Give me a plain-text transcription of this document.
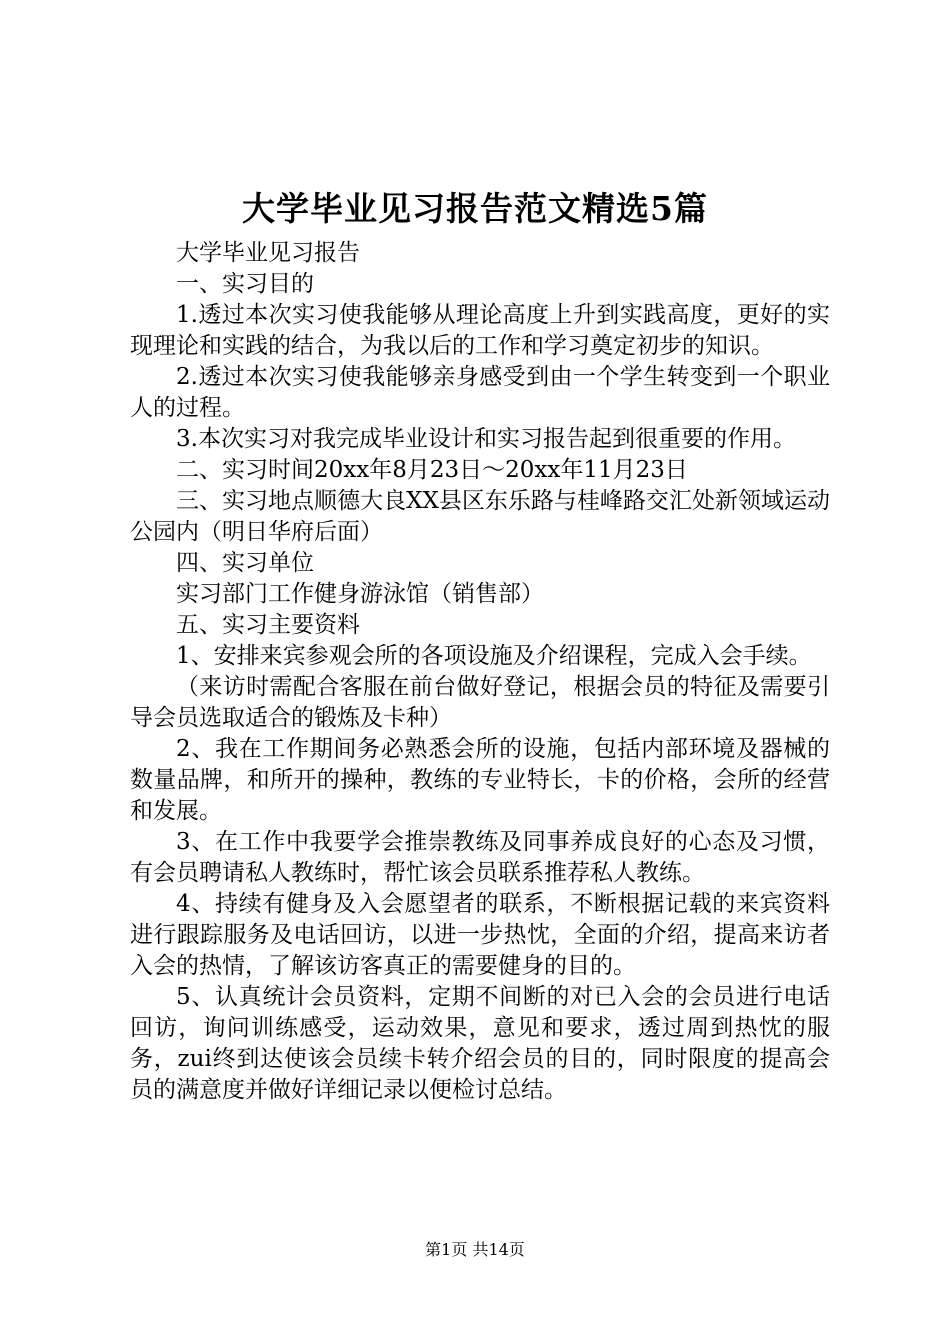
大学毕业见习报告范文精选5篇

大学毕业见习报告

一、实习目的

1.透过本次实习使我能够从理论高度上升到实践高度，更好的实现理论和实践的结合，为我以后的工作和学习奠定初步的知识。

2.透过本次实习使我能够亲身感受到由一个学生转变到一个职业人的过程。

3.本次实习对我完成毕业设计和实习报告起到很重要的作用。

二、实习时间20xx年8月23日～20xx年11月23日

三、实习地点顺德大良XX县区东乐路与桂峰路交汇处新领域运动公园内（明日华府后面）

四、实习单位

实习部门工作健身游泳馆（销售部）

五、实习主要资料

1、安排来宾参观会所的各项设施及介绍课程，完成入会手续。

（来访时需配合客服在前台做好登记，根据会员的特征及需要引导会员选取适合的锻炼及卡种）

2、我在工作期间务必熟悉会所的设施，包括内部环境及器械的数量品牌，和所开的操种，教练的专业特长，卡的价格，会所的经营和发展。

3、在工作中我要学会推崇教练及同事养成良好的心态及习惯，有会员聘请私人教练时，帮忙该会员联系推荐私人教练。

4、持续有健身及入会愿望者的联系，不断根据记载的来宾资料进行跟踪服务及电话回访，以进一步热忱，全面的介绍，提高来访者入会的热情，了解该访客真正的需要健身的目的。

5、认真统计会员资料，定期不间断的对已入会的会员进行电话回访，询问训练感受，运动效果，意见和要求，透过周到热忱的服务，zui终到达使该会员续卡转介绍会员的目的，同时限度的提高会员的满意度并做好详细记录以便检讨总结。

第1页 共14页
